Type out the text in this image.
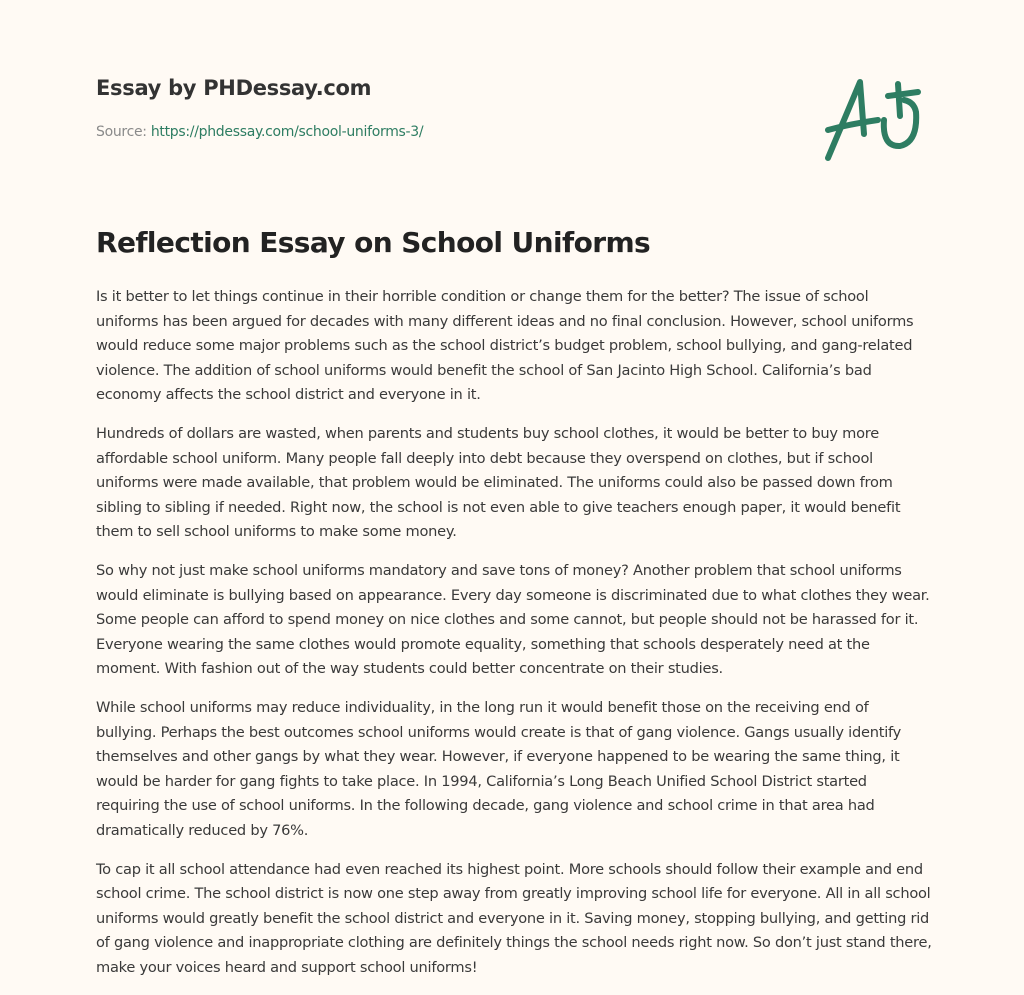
Essay by PHDessay.com
Source: https://phdessay.com/school-uniforms-3/
Reflection Essay on School Uniforms

Is it better to let things continue in their horrible condition or change them for the better? The issue of school uniforms has been argued for decades with many different ideas and no final conclusion. However, school uniforms would reduce some major problems such as the school district’s budget problem, school bullying, and gang-related violence. The addition of school uniforms would benefit the school of San Jacinto High School. California’s bad economy affects the school district and everyone in it.

Hundreds of dollars are wasted, when parents and students buy school clothes, it would be better to buy more affordable school uniform. Many people fall deeply into debt because they overspend on clothes, but if school uniforms were made available, that problem would be eliminated. The uniforms could also be passed down from sibling to sibling if needed. Right now, the school is not even able to give teachers enough paper, it would benefit them to sell school uniforms to make some money.

So why not just make school uniforms mandatory and save tons of money? Another problem that school uniforms would eliminate is bullying based on appearance. Every day someone is discriminated due to what clothes they wear. Some people can afford to spend money on nice clothes and some cannot, but people should not be harassed for it. Everyone wearing the same clothes would promote equality, something that schools desperately need at the moment. With fashion out of the way students could better concentrate on their studies.

While school uniforms may reduce individuality, in the long run it would benefit those on the receiving end of bullying. Perhaps the best outcomes school uniforms would create is that of gang violence. Gangs usually identify themselves and other gangs by what they wear. However, if everyone happened to be wearing the same thing, it would be harder for gang fights to take place. In 1994, California’s Long Beach Unified School District started requiring the use of school uniforms. In the following decade, gang violence and school crime in that area had dramatically reduced by 76%.

To cap it all school attendance had even reached its highest point. More schools should follow their example and end school crime. The school district is now one step away from greatly improving school life for everyone. All in all school uniforms would greatly benefit the school district and everyone in it. Saving money, stopping bullying, and getting rid of gang violence and inappropriate clothing are definitely things the school needs right now. So don’t just stand there, make your voices heard and support school uniforms!
